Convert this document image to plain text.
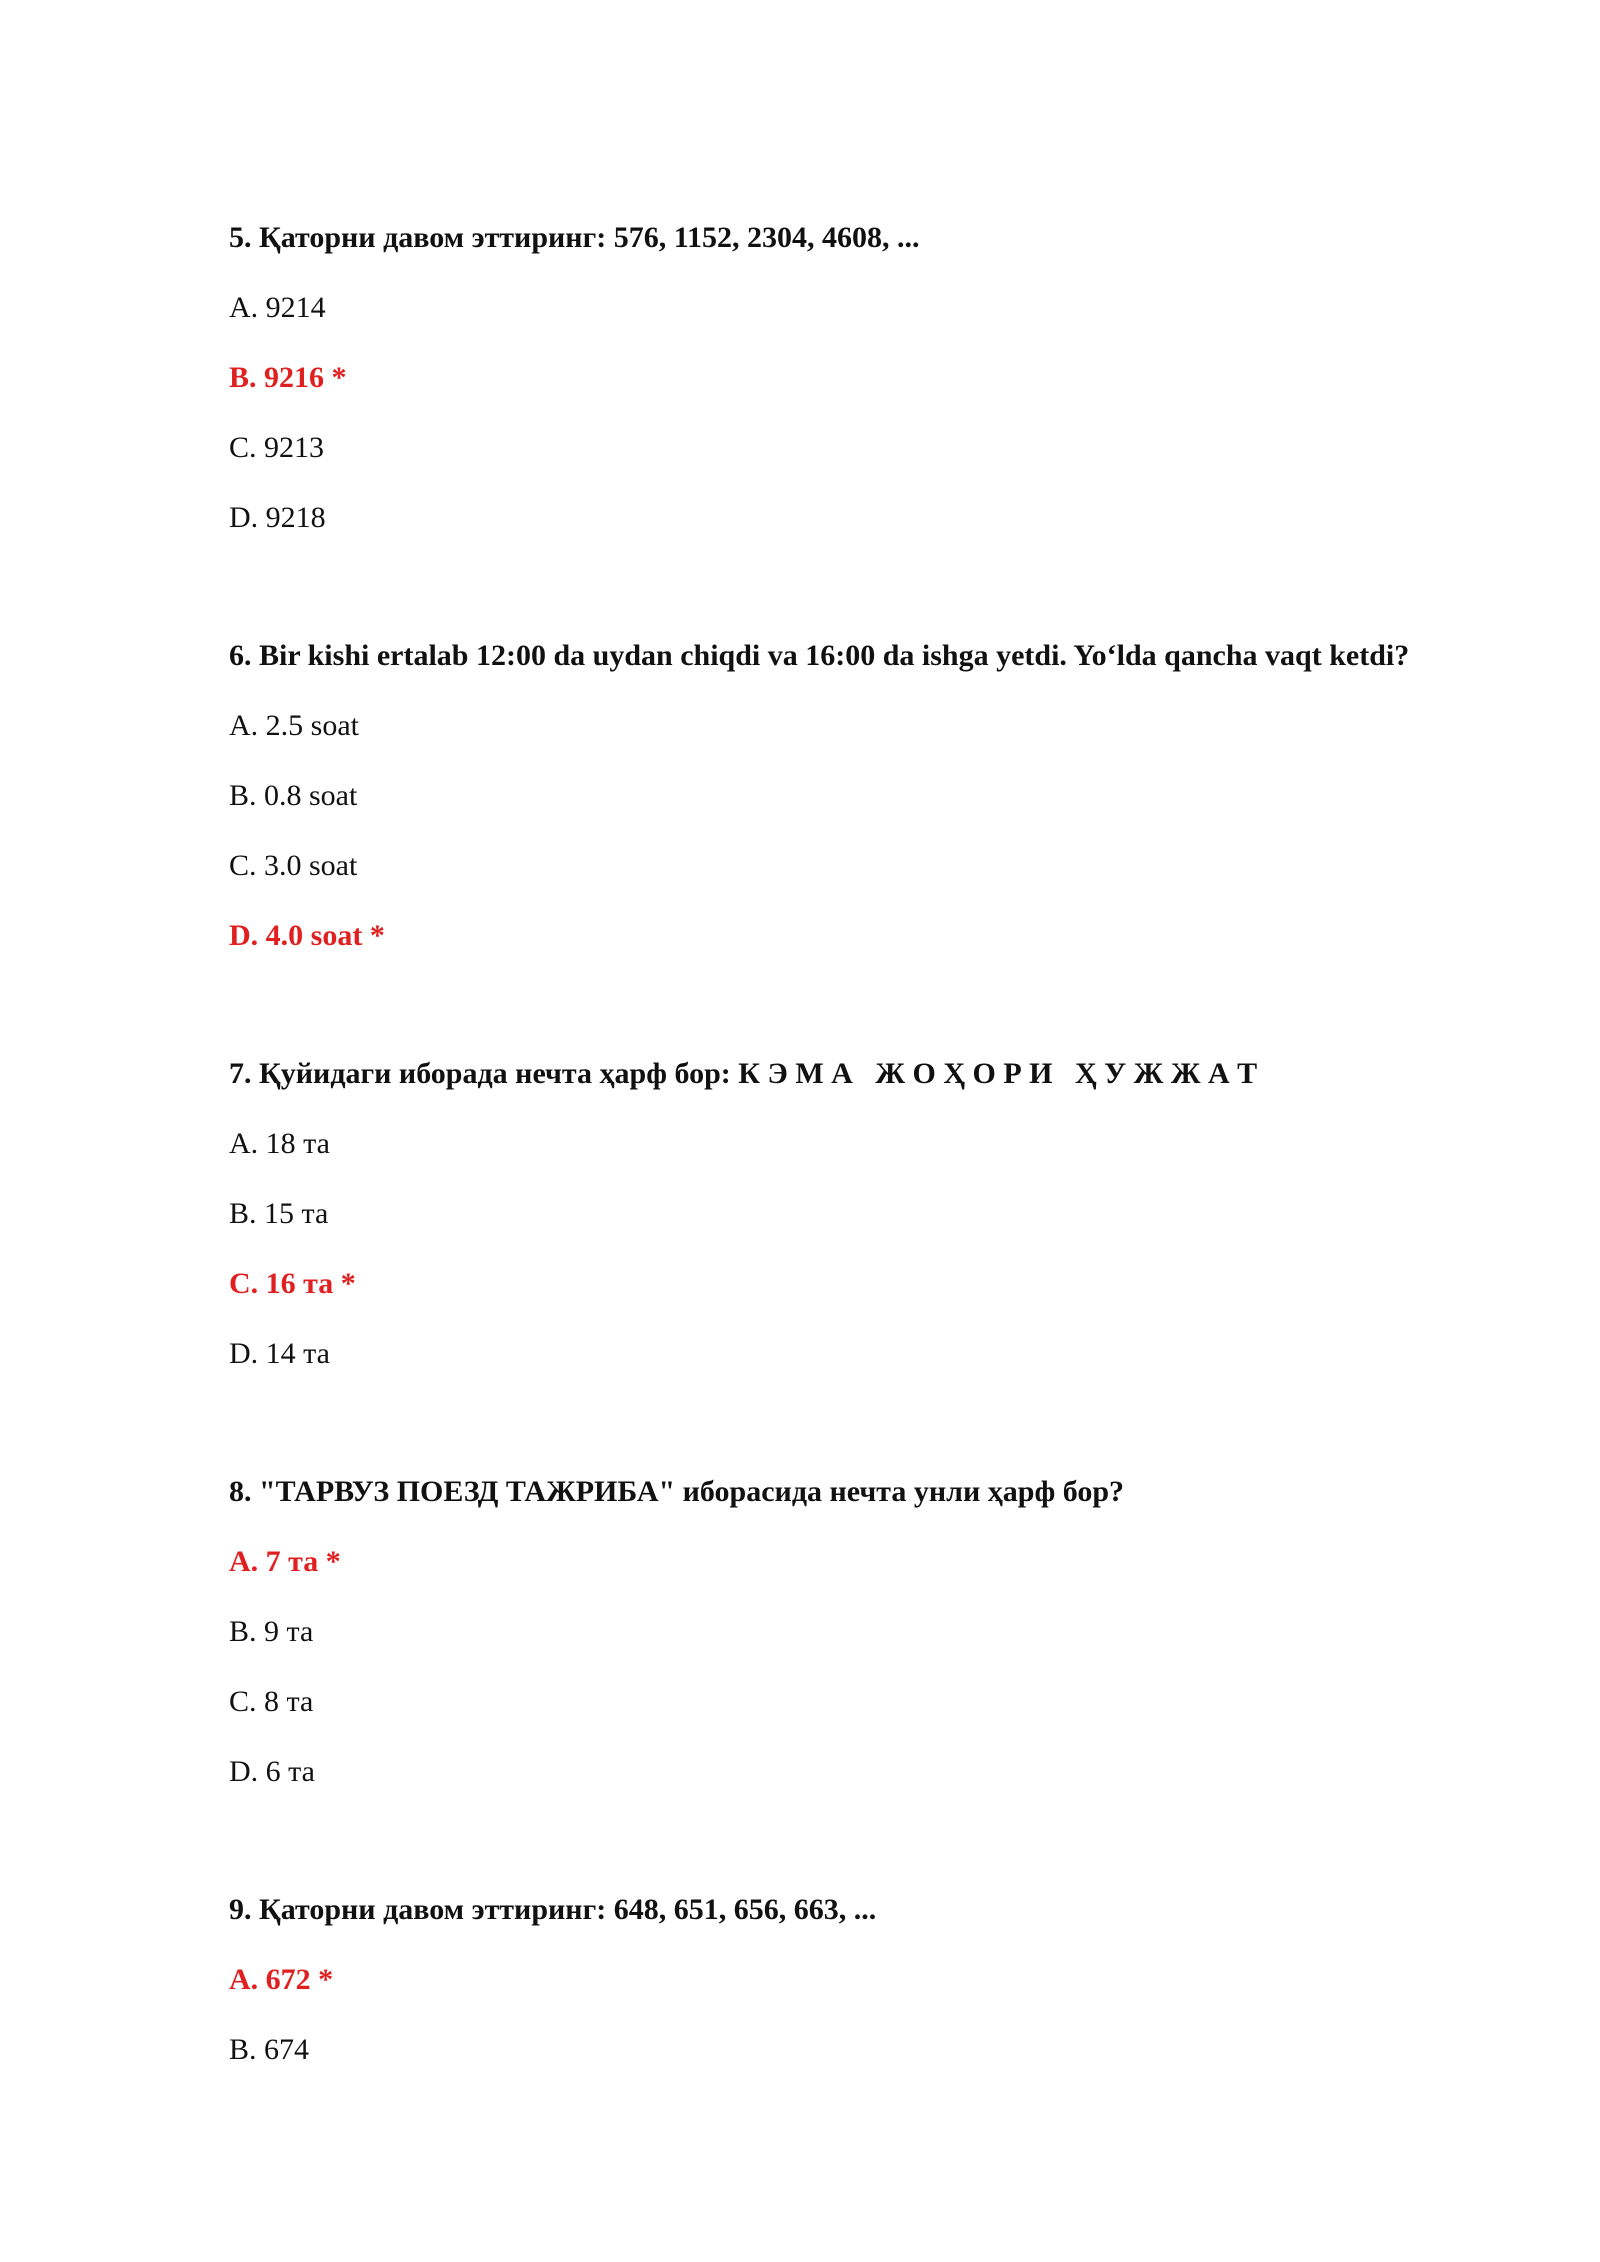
5. Қаторни давом эттиринг: 576, 1152, 2304, 4608, ...

A. 9214
B. 9216 *
C. 9213
D. 9218

6. Bir kishi ertalab 12:00 da uydan chiqdi va 16:00 da ishga yetdi. Yo‘lda qancha vaqt ketdi?

A. 2.5 soat
B. 0.8 soat
C. 3.0 soat
D. 4.0 soat *

7. Қуйидаги иборада нечта ҳарф бор: К Э М А   Ж О Ҳ О Р И   Ҳ У Ж Ж А Т

A. 18 та
B. 15 та
C. 16 та *
D. 14 та

8. "ТАРВУЗ ПОЕЗД ТАЖРИБА" иборасида нечта унли ҳарф бор?

A. 7 та *
B. 9 та
C. 8 та
D. 6 та

9. Қаторни давом эттиринг: 648, 651, 656, 663, ...

A. 672 *
B. 674
